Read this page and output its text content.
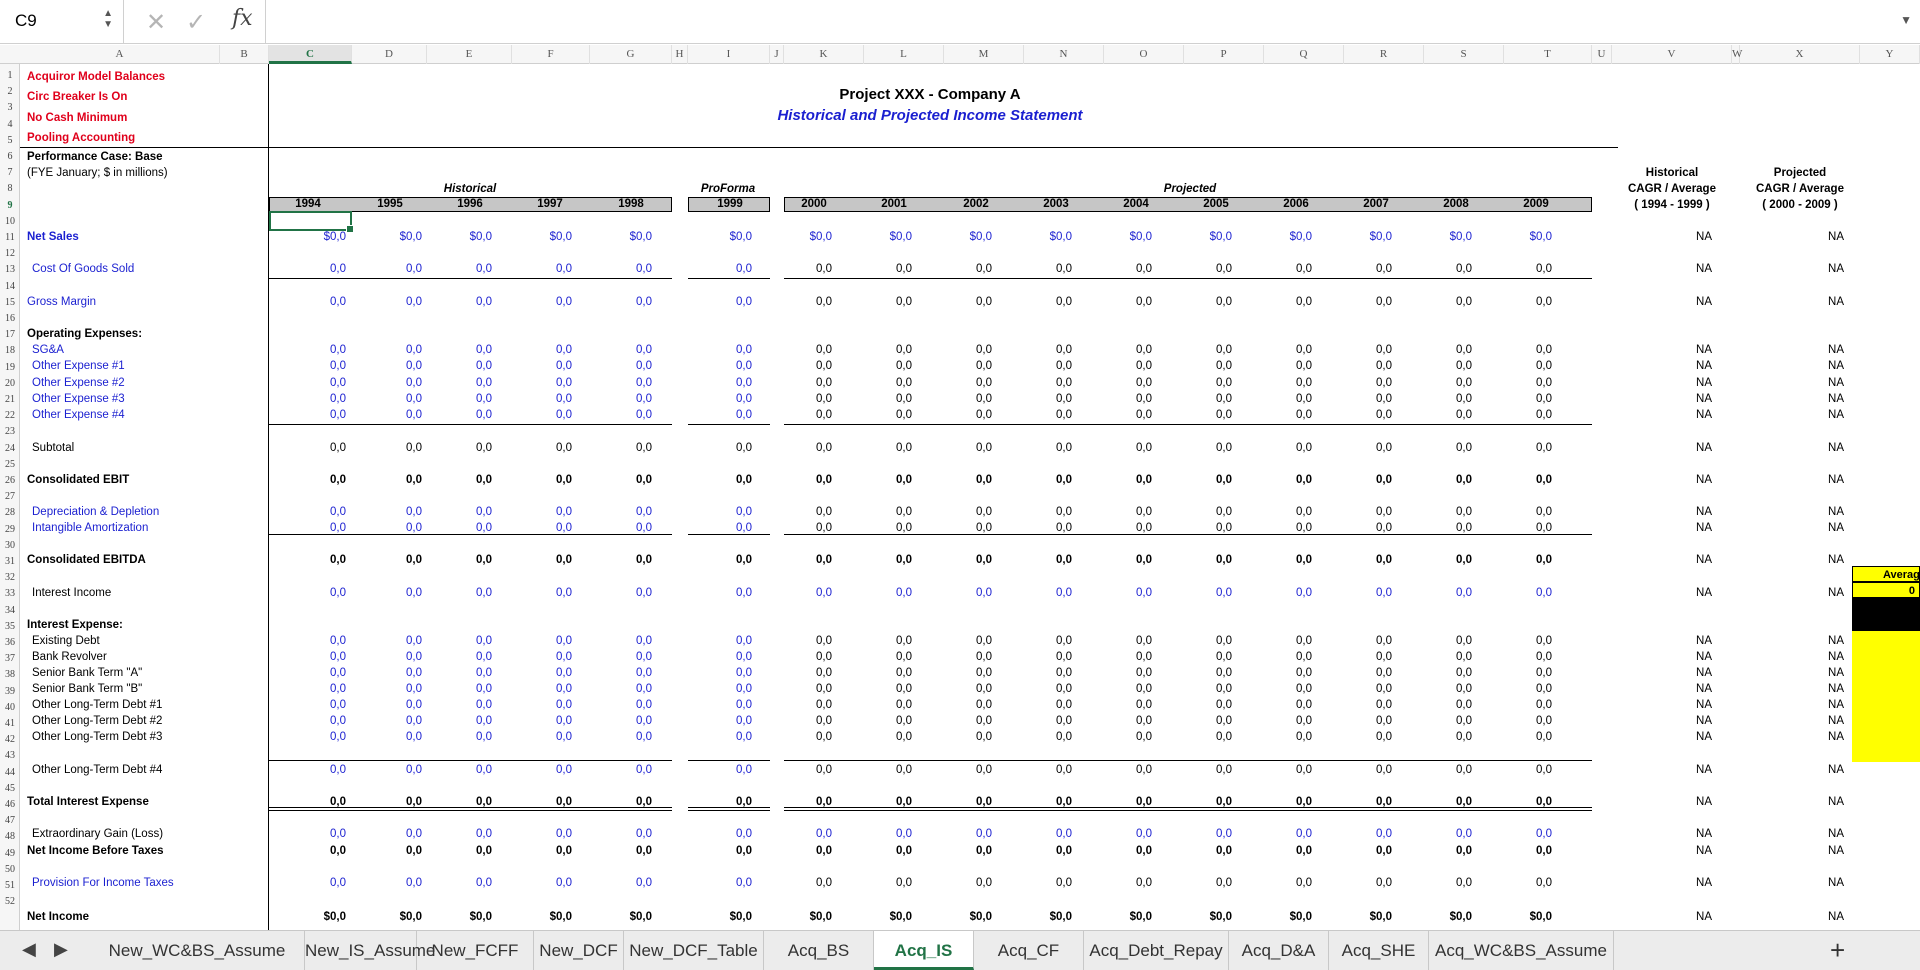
C9	▲
▼ ✕ ✓ fx	▼
A	B	C	D	E	F	G	H	I	J	K	L	M	N	O	P	Q	R	S	T	U	V	W	X	Y
1
2
3
4
5
6
7
8
9
10
11
12
13
14
15
16
17
18
19
20
21
22
23
24
25
26
27
28
29
30
31
32
33
34
35
36
37
38
39
40
41
42
43
44
45
46
47
48
49
50
51
52
Acquiror Model Balances
Circ Breaker Is On
No Cash Minimum
Pooling Accounting
Performance Case: Base
(FYE January; $ in millions)
Project XXX - Company A
Historical and Projected Income Statement
Historical	ProForma	Projected
Historical
CAGR / Average
( 1994 - 1999 )
Projected
CAGR / Average
( 2000 - 2009 )
1994	1995	1996	1997	1998	1999	2000	2001	2002	2003	2004	2005	2006	2007	2008	2009
Net Sales	$0,0	$0,0	$0,0	$0,0	$0,0	$0,0	$0,0	$0,0	$0,0	$0,0	$0,0	$0,0	$0,0	$0,0	$0,0	$0,0	NA	NA
Cost Of Goods Sold	0,0	0,0	0,0	0,0	0,0	0,0	0,0	0,0	0,0	0,0	0,0	0,0	0,0	0,0	0,0	0,0	NA	NA
Gross Margin	0,0	0,0	0,0	0,0	0,0	0,0	0,0	0,0	0,0	0,0	0,0	0,0	0,0	0,0	0,0	0,0	NA	NA
Operating Expenses:
SG&A	0,0	0,0	0,0	0,0	0,0	0,0	0,0	0,0	0,0	0,0	0,0	0,0	0,0	0,0	0,0	0,0	NA	NA
Other Expense #1	0,0	0,0	0,0	0,0	0,0	0,0	0,0	0,0	0,0	0,0	0,0	0,0	0,0	0,0	0,0	0,0	NA	NA
Other Expense #2	0,0	0,0	0,0	0,0	0,0	0,0	0,0	0,0	0,0	0,0	0,0	0,0	0,0	0,0	0,0	0,0	NA	NA
Other Expense #3	0,0	0,0	0,0	0,0	0,0	0,0	0,0	0,0	0,0	0,0	0,0	0,0	0,0	0,0	0,0	0,0	NA	NA
Other Expense #4	0,0	0,0	0,0	0,0	0,0	0,0	0,0	0,0	0,0	0,0	0,0	0,0	0,0	0,0	0,0	0,0	NA	NA
Subtotal	0,0	0,0	0,0	0,0	0,0	0,0	0,0	0,0	0,0	0,0	0,0	0,0	0,0	0,0	0,0	0,0	NA	NA
Consolidated EBIT	0,0	0,0	0,0	0,0	0,0	0,0	0,0	0,0	0,0	0,0	0,0	0,0	0,0	0,0	0,0	0,0	NA	NA
Depreciation & Depletion	0,0	0,0	0,0	0,0	0,0	0,0	0,0	0,0	0,0	0,0	0,0	0,0	0,0	0,0	0,0	0,0	NA	NA
Intangible Amortization	0,0	0,0	0,0	0,0	0,0	0,0	0,0	0,0	0,0	0,0	0,0	0,0	0,0	0,0	0,0	0,0	NA	NA
Consolidated EBITDA	0,0	0,0	0,0	0,0	0,0	0,0	0,0	0,0	0,0	0,0	0,0	0,0	0,0	0,0	0,0	0,0	NA	NA
Interest Income	0,0	0,0	0,0	0,0	0,0	0,0	0,0	0,0	0,0	0,0	0,0	0,0	0,0	0,0	0,0	0,0	NA	NA
Interest Expense:
Existing Debt	0,0	0,0	0,0	0,0	0,0	0,0	0,0	0,0	0,0	0,0	0,0	0,0	0,0	0,0	0,0	0,0	NA	NA
Bank Revolver	0,0	0,0	0,0	0,0	0,0	0,0	0,0	0,0	0,0	0,0	0,0	0,0	0,0	0,0	0,0	0,0	NA	NA
Senior Bank Term "A"	0,0	0,0	0,0	0,0	0,0	0,0	0,0	0,0	0,0	0,0	0,0	0,0	0,0	0,0	0,0	0,0	NA	NA
Senior Bank Term "B"	0,0	0,0	0,0	0,0	0,0	0,0	0,0	0,0	0,0	0,0	0,0	0,0	0,0	0,0	0,0	0,0	NA	NA
Other Long-Term Debt #1	0,0	0,0	0,0	0,0	0,0	0,0	0,0	0,0	0,0	0,0	0,0	0,0	0,0	0,0	0,0	0,0	NA	NA
Other Long-Term Debt #2	0,0	0,0	0,0	0,0	0,0	0,0	0,0	0,0	0,0	0,0	0,0	0,0	0,0	0,0	0,0	0,0	NA	NA
Other Long-Term Debt #3	0,0	0,0	0,0	0,0	0,0	0,0	0,0	0,0	0,0	0,0	0,0	0,0	0,0	0,0	0,0	0,0	NA	NA
Other Long-Term Debt #4	0,0	0,0	0,0	0,0	0,0	0,0	0,0	0,0	0,0	0,0	0,0	0,0	0,0	0,0	0,0	0,0	NA	NA
Total Interest Expense	0,0	0,0	0,0	0,0	0,0	0,0	0,0	0,0	0,0	0,0	0,0	0,0	0,0	0,0	0,0	0,0	NA	NA
Extraordinary Gain (Loss)	0,0	0,0	0,0	0,0	0,0	0,0	0,0	0,0	0,0	0,0	0,0	0,0	0,0	0,0	0,0	0,0	NA	NA
Net Income Before Taxes	0,0	0,0	0,0	0,0	0,0	0,0	0,0	0,0	0,0	0,0	0,0	0,0	0,0	0,0	0,0	0,0	NA	NA
Provision For Income Taxes	0,0	0,0	0,0	0,0	0,0	0,0	0,0	0,0	0,0	0,0	0,0	0,0	0,0	0,0	0,0	0,0	NA	NA
Net Income	$0,0	$0,0	$0,0	$0,0	$0,0	$0,0	$0,0	$0,0	$0,0	$0,0	$0,0	$0,0	$0,0	$0,0	$0,0	$0,0	NA	NA
Averag
0
◀ ▶	+
New_WC&BS_Assume	New_IS_Assume
New_FCFF	New_DCF New_DCF_Table	Acq_BS	Acq_IS	Acq_CF	Acq_Debt_Repay	Acq_D&A	Acq_SHE	Acq_WC&BS_Assume
